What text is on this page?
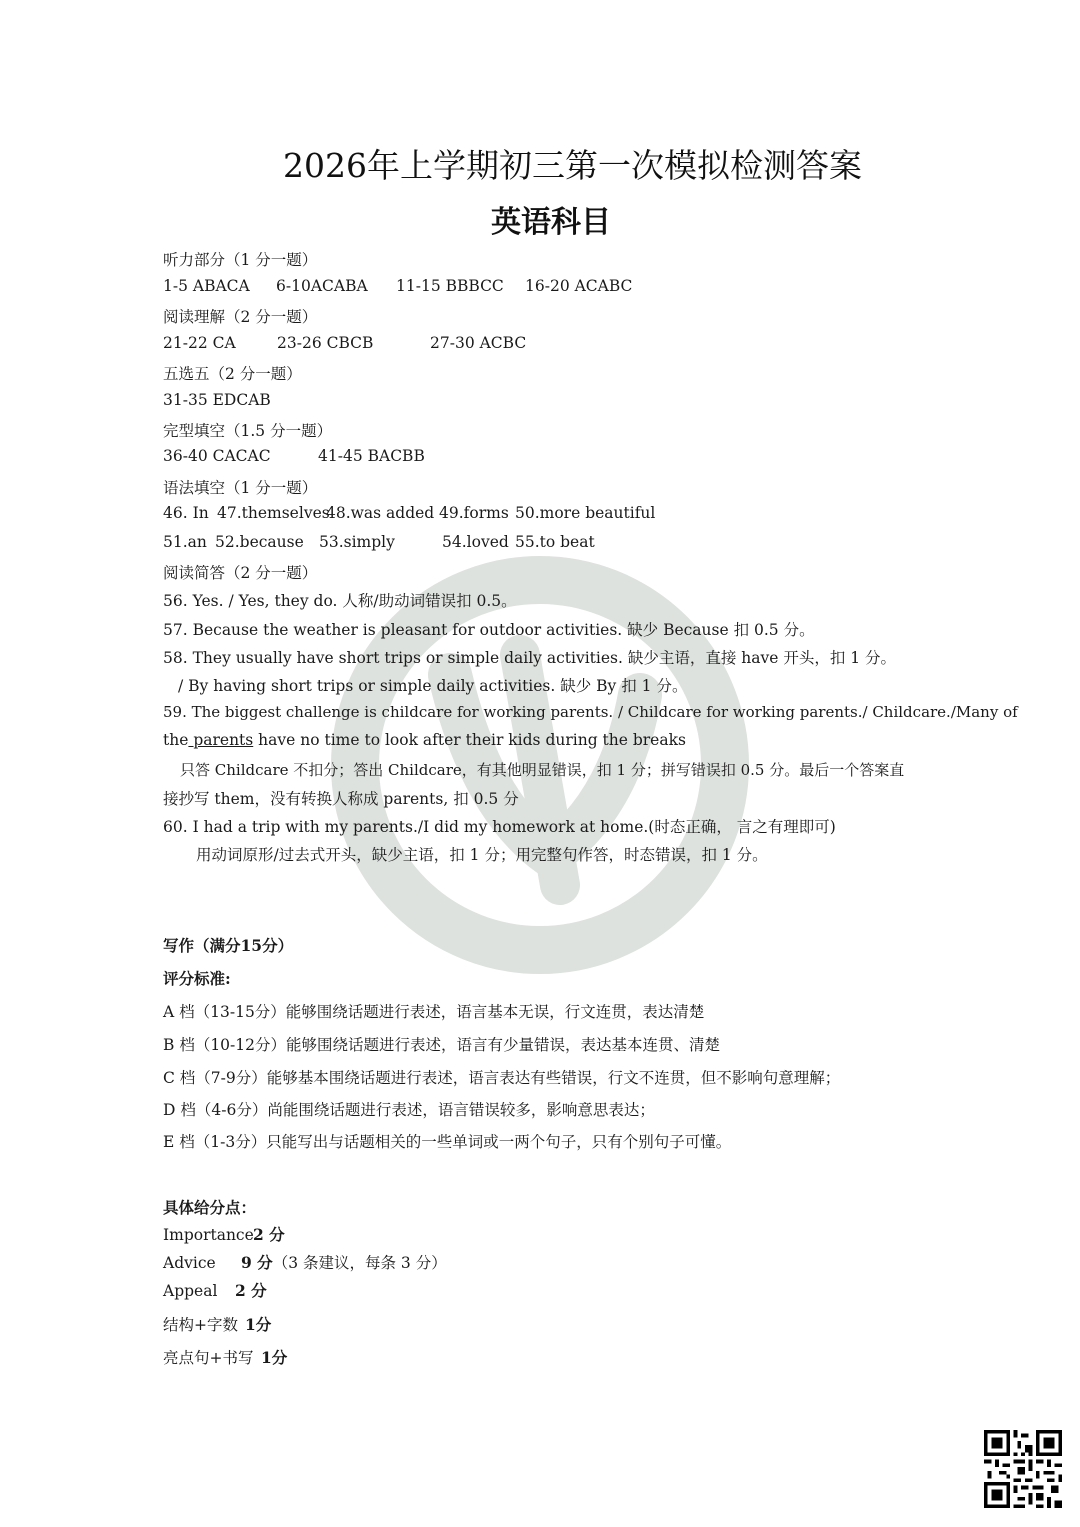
2026年上学期初三第一次模拟检测答案
英语科目
听力部分（1 分一题）
1-5 ABACA 6-10ACABA 11-15 BBBCC 16-20 ACABC
阅读理解（2 分一题）
21-22 CA	23-26 CBCB	27-30 ACBC
五选五（2 分一题）
31-35 EDCAB
完型填空（1.5 分一题）
36-40 CACAC	41-45 BACBB
语法填空（1 分一题）
46. In 47.themselves48.was added 49.forms 50.more beautiful
51.an 52.because 53.simply	54.loved 55.to beat
阅读简答（2 分一题）
56. Yes. / Yes, they do. 人称/助动词错误扣 0.5。
57. Because the weather is pleasant for outdoor activities. 缺少 Because 扣 0.5 分。
58. They usually have short trips or simple daily activities. 缺少主语，直接 have 开头，扣 1 分。
/ By having short trips or simple daily activities. 缺少 By 扣 1 分。
59. The biggest challenge is childcare for working parents. / Childcare for working parents./ Childcare./Many of
the parents have no time to look after their kids during the breaks
只答 Childcare 不扣分；答出 Childcare，有其他明显错误，扣 1 分；拼写错误扣 0.5 分。最后一个答案直
接抄写 them，没有转换人称成 parents, 扣 0.5 分
60. I had a trip with my parents./I did my homework at home.(时态正确， 言之有理即可)
用动词原形/过去式开头，缺少主语，扣 1 分；用完整句作答，时态错误，扣 1 分。
写作（满分15分）
评分标准:
A 档（13-15分）能够围绕话题进行表述，语言基本无误，行文连贯，表达清楚
B 档（10-12分）能够围绕话题进行表述，语言有少量错误，表达基本连贯、清楚
C 档（7-9分）能够基本围绕话题进行表述，语言表达有些错误，行文不连贯，但不影响句意理解；
D 档（4-6分）尚能围绕话题进行表述，语言错误较多，影响意思表达；
E 档（1-3分）只能写出与话题相关的一些单词或一两个句子，只有个别句子可懂。
具体给分点：
Importance2 分
Advice 9 分（3 条建议，每条 3 分）
Appeal 2 分
结构+字数 1分
亮点句+书写 1分
